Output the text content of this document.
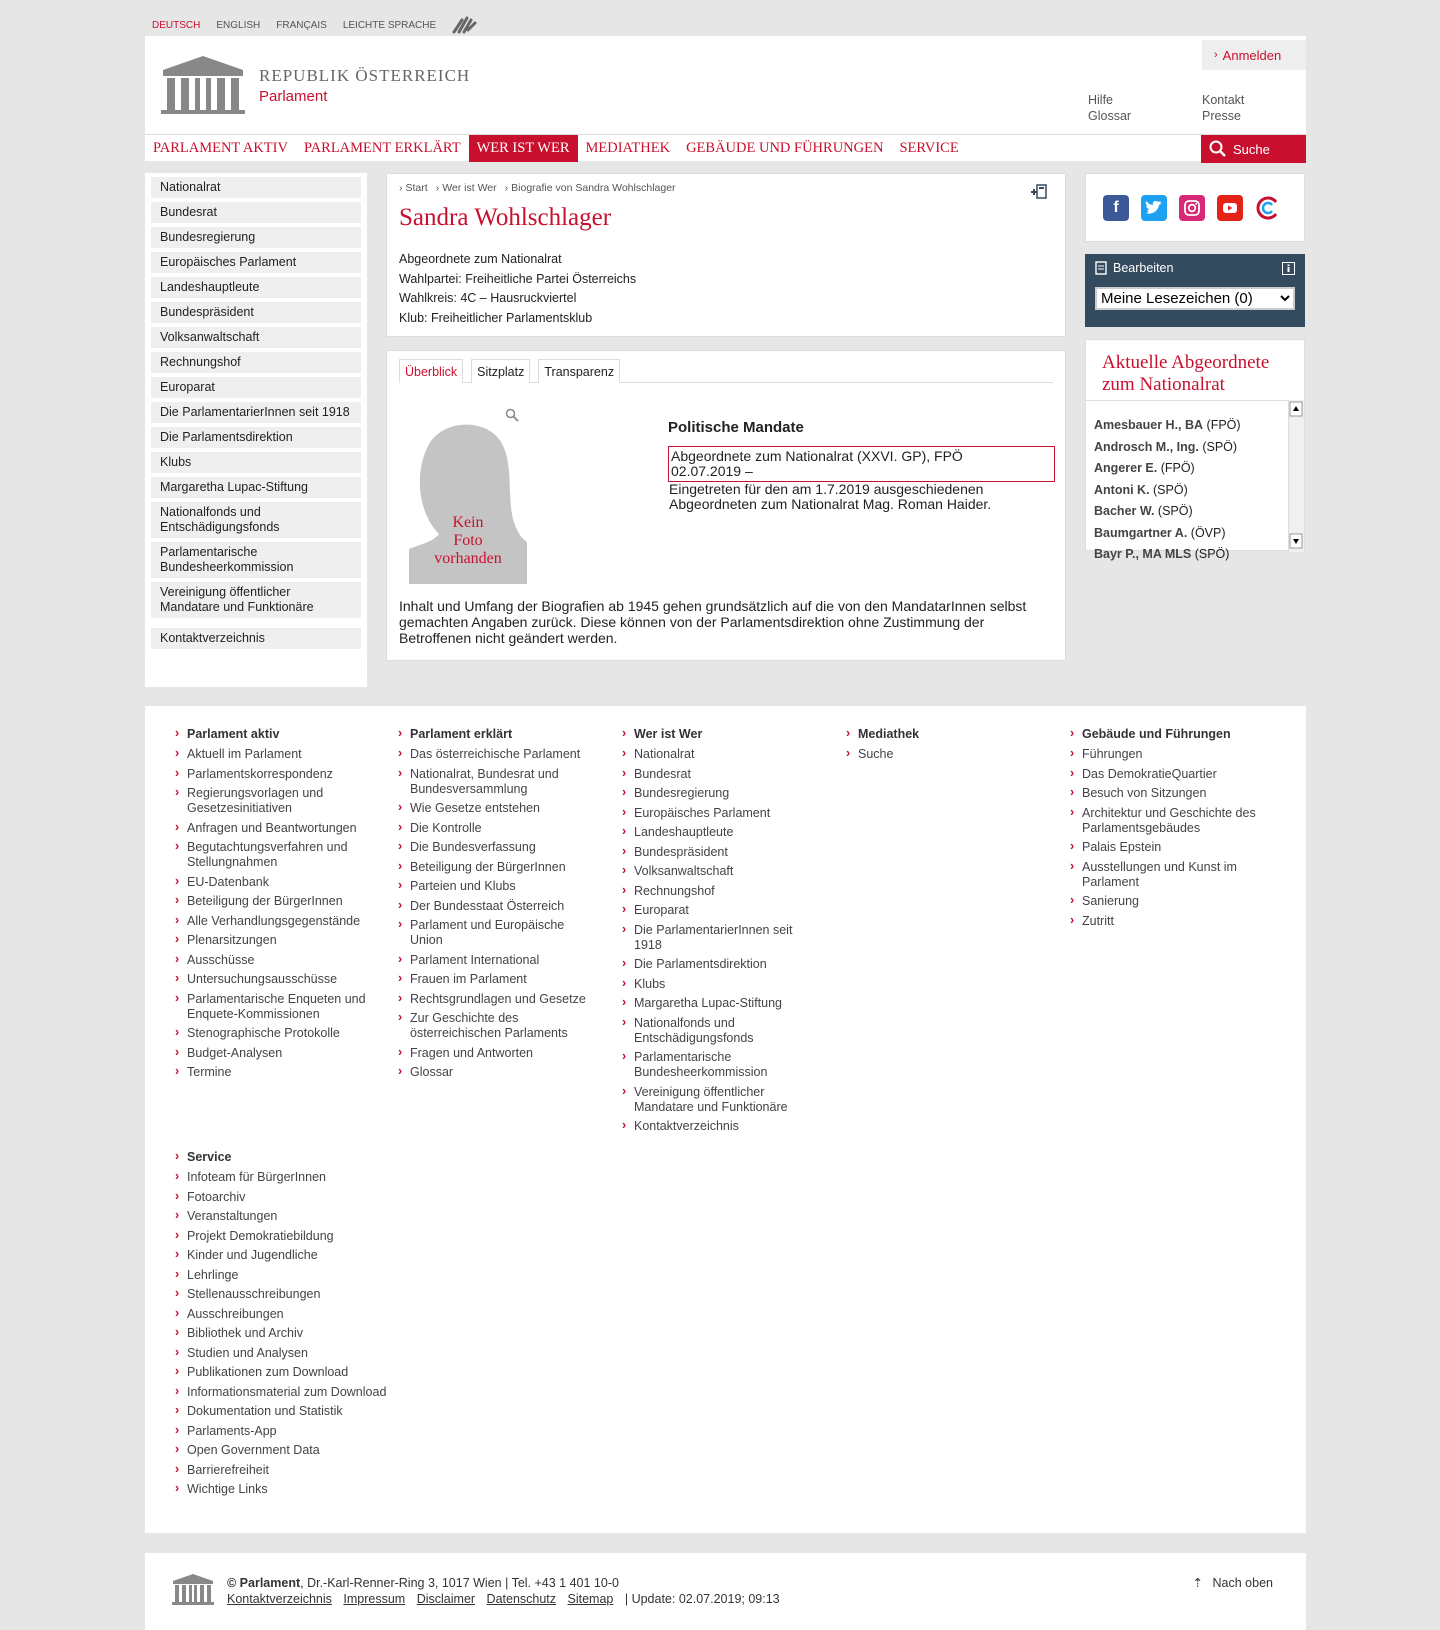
DEUTSCH ENGLISH FRANÇAIS LEICHTE SPRACHE
REPUBLIK ÖSTERREICH
Parlament
› Anmelden
Hilfe
Glossar
Kontakt
Presse
PARLAMENT AKTIV	PARLAMENT ERKLÄRT	WER IST WER	MEDIATHEK	GEBÄUDE UND FÜHRUNGEN	SERVICE	Suche
Nationalrat
Bundesrat
Bundesregierung
Europäisches Parlament
Landeshauptleute
Bundespräsident
Volksanwaltschaft
Rechnungshof
Europarat
Die ParlamentarierInnen seit 1918
Die Parlamentsdirektion
Klubs
Margaretha Lupac-Stiftung
Nationalfonds und Entschädigungsfonds
Parlamentarische Bundesheerkommission
Vereinigung öffentlicher Mandatare und Funktionäre
Kontaktverzeichnis
› Start	› Wer ist Wer	› Biografie von Sandra Wohlschlager
Sandra Wohlschlager
Abgeordnete zum Nationalrat
Wahlpartei: Freiheitliche Partei Österreichs
Wahlkreis: 4C – Hausruckviertel
Klub: Freiheitlicher Parlamentsklub
Überblick	Sitzplatz	Transparenz
Kein
Foto
vorhanden
Politische Mandate
Abgeordnete zum Nationalrat (XXVI. GP), FPÖ
02.07.2019 –
Eingetreten für den am 1.7.2019 ausgeschiedenen Abgeordneten zum Nationalrat Mag. Roman Haider.
Inhalt und Umfang der Biografien ab 1945 gehen grundsätzlich auf die von den MandatarInnen selbst gemachten Angaben zurück. Diese können von der Parlamentsdirektion ohne Zustimmung der Betroffenen nicht geändert werden.
f
Bearbeiten
Meine Lesezeichen (0)
Aktuelle Abgeordnete zum Nationalrat
Amesbauer H., BA (FPÖ)
Androsch M., Ing. (SPÖ)
Angerer E. (FPÖ)
Antoni K. (SPÖ)
Bacher W. (SPÖ)
Baumgartner A. (ÖVP)
Bayr P., MA MLS (SPÖ)
› Parlament aktiv
› Aktuell im Parlament
› Parlamentskorrespondenz
› Regierungsvorlagen und Gesetzesinitiativen
› Anfragen und Beantwortungen
› Begutachtungsverfahren und Stellungnahmen
› EU-Datenbank
› Beteiligung der BürgerInnen
› Alle Verhandlungsgegenstände
› Plenarsitzungen
› Ausschüsse
› Untersuchungsausschüsse
› Parlamentarische Enqueten und Enquete-Kommissionen
› Stenographische Protokolle
› Budget-Analysen
› Termine
› Parlament erklärt
› Das österreichische Parlament
› Nationalrat, Bundesrat und Bundesversammlung
› Wie Gesetze entstehen
› Die Kontrolle
› Die Bundesverfassung
› Beteiligung der BürgerInnen
› Parteien und Klubs
› Der Bundesstaat Österreich
› Parlament und Europäische Union
› Parlament International
› Frauen im Parlament
› Rechtsgrundlagen und Gesetze
› Zur Geschichte des österreichischen Parlaments
› Fragen und Antworten
› Glossar
› Wer ist Wer
› Nationalrat
› Bundesrat
› Bundesregierung
› Europäisches Parlament
› Landeshauptleute
› Bundespräsident
› Volksanwaltschaft
› Rechnungshof
› Europarat
› Die ParlamentarierInnen seit 1918
› Die Parlamentsdirektion
› Klubs
› Margaretha Lupac-Stiftung
› Nationalfonds und Entschädigungsfonds
› Parlamentarische Bundesheerkommission
› Vereinigung öffentlicher Mandatare und Funktionäre
› Kontaktverzeichnis
› Mediathek
› Suche
› Gebäude und Führungen
› Führungen
› Das DemokratieQuartier
› Besuch von Sitzungen
› Architektur und Geschichte des Parlamentsgebäudes
› Palais Epstein
› Ausstellungen und Kunst im Parlament
› Sanierung
› Zutritt
› Service
› Infoteam für BürgerInnen
› Fotoarchiv
› Veranstaltungen
› Projekt Demokratiebildung
› Kinder und Jugendliche
› Lehrlinge
› Stellenausschreibungen
› Ausschreibungen
› Bibliothek und Archiv
› Studien und Analysen
› Publikationen zum Download
› Informationsmaterial zum Download
› Dokumentation und Statistik
› Parlaments-App
› Open Government Data
› Barrierefreiheit
› Wichtige Links
© Parlament, Dr.-Karl-Renner-Ring 3, 1017 Wien | Tel. +43 1 401 10-0
Kontaktverzeichnis Impressum Disclaimer Datenschutz Sitemap | Update: 02.07.2019; 09:13
⇡ Nach oben
